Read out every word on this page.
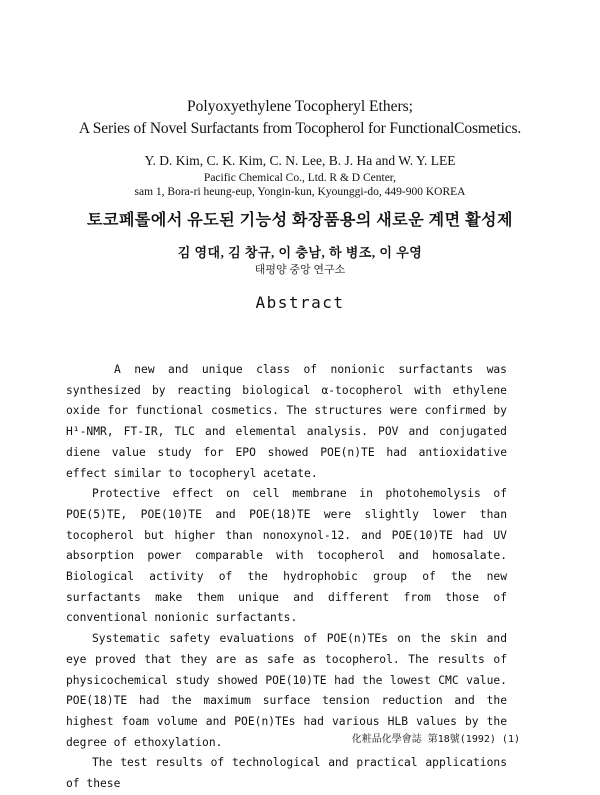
Polyoxyethylene Tocopheryl Ethers;
A Series of Novel Surfactants from Tocopherol for FunctionalCosmetics.
Y. D. Kim, C. K. Kim, C. N. Lee, B. J. Ha and W. Y. LEE
Pacific Chemical Co., Ltd. R & D Center,
sam 1, Bora-ri heung-eup, Yongin-kun, Kyounggi-do, 449-900 KOREA
토코페롤에서 유도된 기능성 화장품용의 새로운 계면 활성제
김 영대, 김 창규, 이 충남, 하 병조, 이 우영
태평양 중앙 연구소
Abstract

A new and unique class of nonionic surfactants was synthesized by reacting biological α-tocopherol with ethylene oxide for functional cosmetics. The structures were confirmed by H¹-NMR, FT-IR, TLC and elemental analysis. POV and conjugated diene value study for EPO showed POE(n)TE had antioxidative effect similar to tocopheryl acetate.

Protective effect on cell membrane in photohemolysis of POE(5)TE, POE(10)TE and POE(18)TE were slightly lower than tocopherol but higher than nonoxynol-12. and POE(10)TE had UV absorption power comparable with tocopherol and homosalate. Biological activity of the hydrophobic group of the new surfactants make them unique and different from those of conventional nonionic surfactants.

Systematic safety evaluations of POE(n)TEs on the skin and eye proved that they are as safe as tocopherol. The results of physicochemical study showed POE(10)TE had the lowest CMC value. POE(18)TE had the maximum surface tension reduction and the highest foam volume and POE(n)TEs had various HLB values by the degree of ethoxylation.

The test results of technological and practical applications of these

化粧品化學會誌 第18號(1992) (1)
